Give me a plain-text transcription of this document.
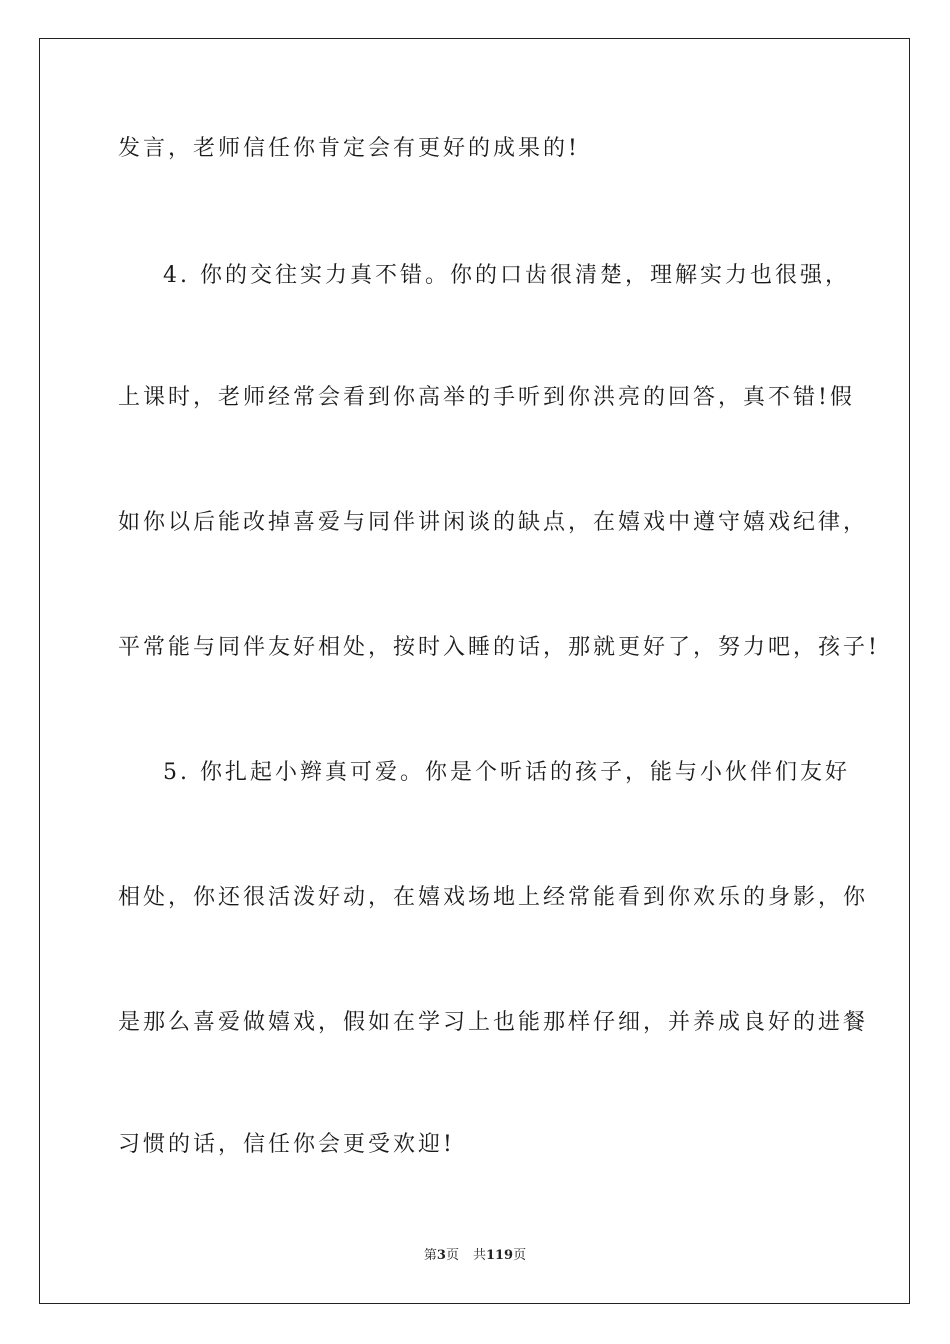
发言，老师信任你肯定会有更好的成果的!
4. 你的交往实力真不错。你的口齿很清楚，理解实力也很强，
上课时，老师经常会看到你高举的手听到你洪亮的回答，真不错!假
如你以后能改掉喜爱与同伴讲闲谈的缺点，在嬉戏中遵守嬉戏纪律，
平常能与同伴友好相处，按时入睡的话，那就更好了，努力吧，孩子!
5. 你扎起小辫真可爱。你是个听话的孩子，能与小伙伴们友好
相处，你还很活泼好动，在嬉戏场地上经常能看到你欢乐的身影，你
是那么喜爱做嬉戏，假如在学习上也能那样仔细，并养成良好的进餐
习惯的话，信任你会更受欢迎!
第3页 共119页
